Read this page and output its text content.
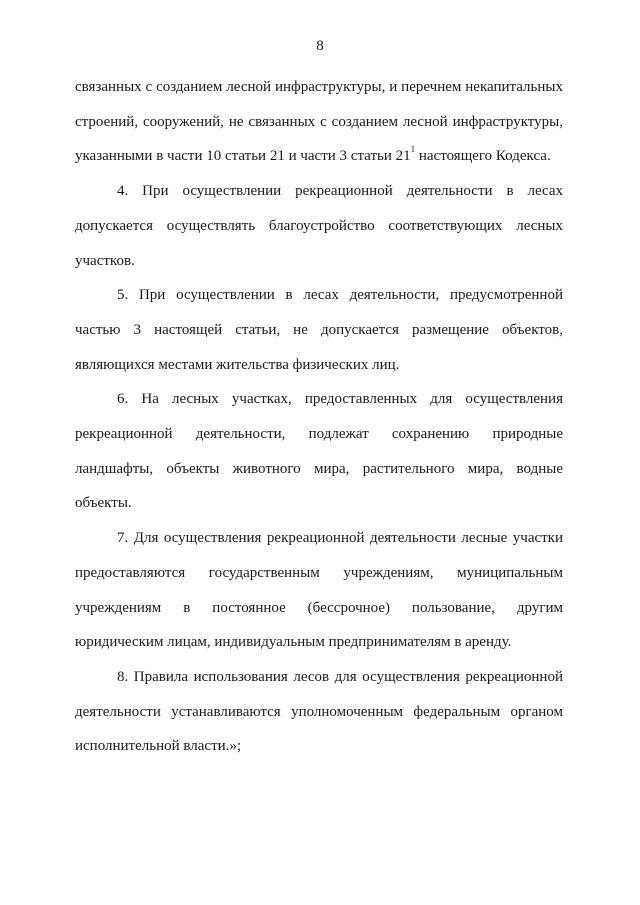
8

связанных с созданием лесной инфраструктуры, и перечнем некапитальных строений, сооружений, не связанных с созданием лесной инфраструктуры, указанными в части 10 статьи 21 и части 3 статьи $21^1$ настоящего Кодекса.

4. При осуществлении рекреационной деятельности в лесах допускается осуществлять благоустройство соответствующих лесных участков.

5. При осуществлении в лесах деятельности, предусмотренной частью 3 настоящей статьи, не допускается размещение объектов, являющихся местами жительства физических лиц.

6. На лесных участках, предоставленных для осуществления рекреационной деятельности, подлежат сохранению природные ландшафты, объекты животного мира, растительного мира, водные объекты.

7. Для осуществления рекреационной деятельности лесные участки предоставляются государственным учреждениям, муниципальным учреждениям в постоянное (бессрочное) пользование, другим юридическим лицам, индивидуальным предпринимателям в аренду.

8. Правила использования лесов для осуществления рекреационной деятельности устанавливаются уполномоченным федеральным органом исполнительной власти.»;
